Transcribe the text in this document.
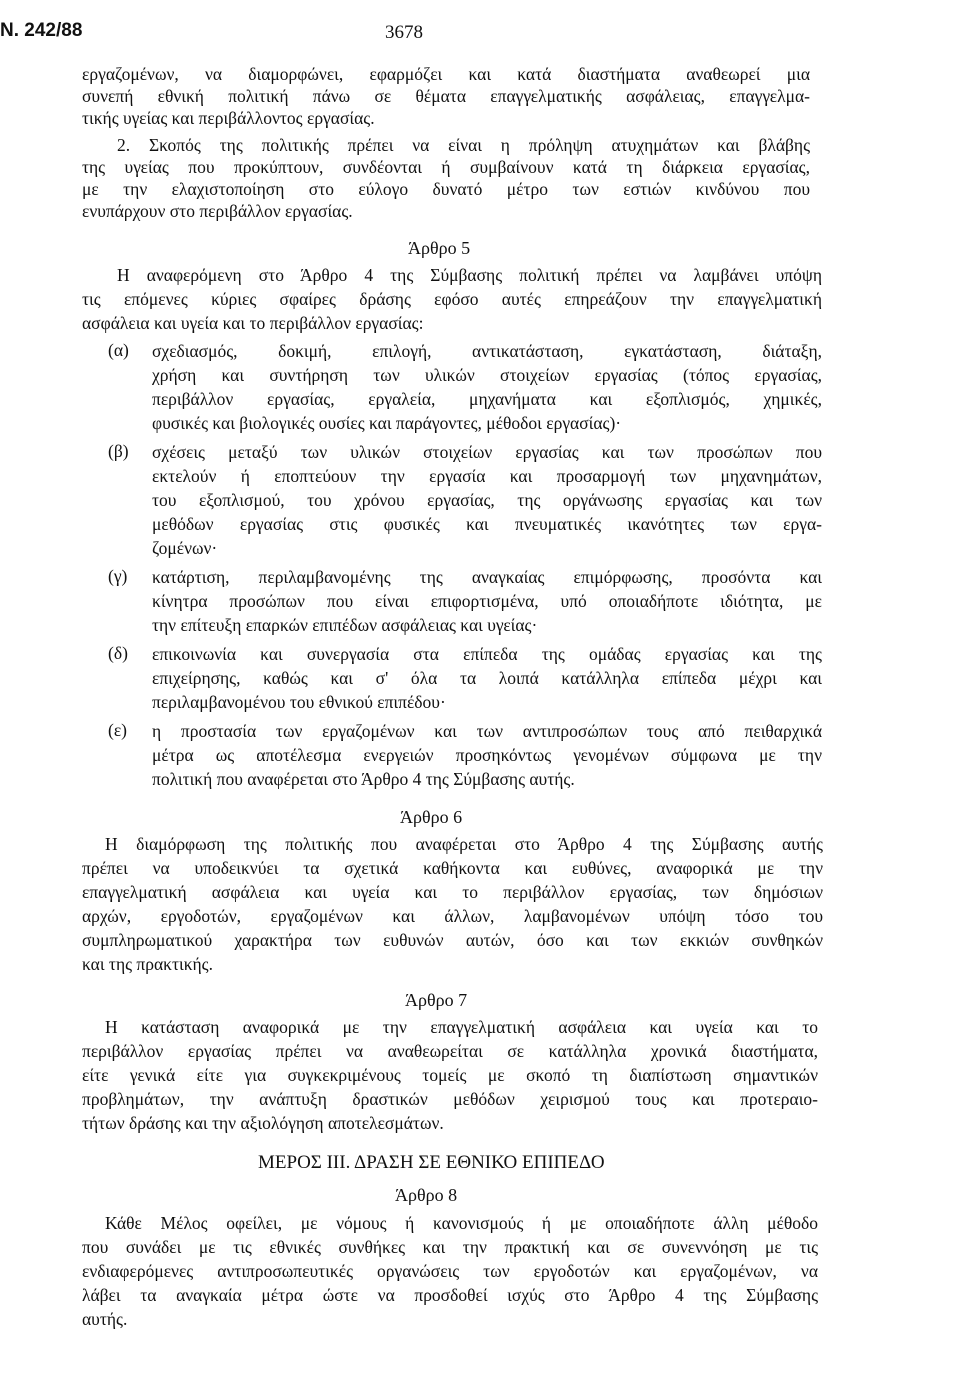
Ν. 242/88	3678
εργαζομένων, να διαμορφώνει, εφαρμόζει και κατά διαστήματα αναθεωρεί μια
συνεπή εθνική πολιτική πάνω σε θέματα επαγγελματικής ασφάλειας, επαγγελμα-
τικής υγείας και περιβάλλοντος εργασίας.
2. Σκοπός της πολιτικής πρέπει να είναι η πρόληψη ατυχημάτων και βλάβης
της υγείας που προκύπτουν, συνδέονται ή συμβαίνουν κατά τη διάρκεια εργασίας,
με την ελαχιστοποίηση στο εύλογο δυνατό μέτρο των εστιών κινδύνου που
ενυπάρχουν στο περιβάλλον εργασίας.
Άρθρο 5
Η αναφερόμενη στο Άρθρο 4 της Σύμβασης πολιτική πρέπει να λαμβάνει υπόψη
τις επόμενες κύριες σφαίρες δράσης εφόσο αυτές επηρεάζουν την επαγγελματική
ασφάλεια και υγεία και το περιβάλλον εργασίας:
(α) σχεδιασμός, δοκιμή, επιλογή, αντικατάσταση, εγκατάσταση, διάταξη,
χρήση και συντήρηση των υλικών στοιχείων εργασίας (τόπος εργασίας,
περιβάλλον εργασίας, εργαλεία, μηχανήματα και εξοπλισμός, χημικές,
φυσικές και βιολογικές ουσίες και παράγοντες, μέθοδοι εργασίας)·
(β) σχέσεις μεταξύ των υλικών στοιχείων εργασίας και των προσώπων που
εκτελούν ή εποπτεύουν την εργασία και προσαρμογή των μηχανημάτων,
του εξοπλισμού, του χρόνου εργασίας, της οργάνωσης εργασίας και των
μεθόδων εργασίας στις φυσικές και πνευματικές ικανότητες των εργα-
ζομένων·
(γ) κατάρτιση, περιλαμβανομένης της αναγκαίας επιμόρφωσης, προσόντα και
κίνητρα προσώπων που είναι επιφορτισμένα, υπό οποιαδήποτε ιδιότητα, με
την επίτευξη επαρκών επιπέδων ασφάλειας και υγείας·
(δ) επικοινωνία και συνεργασία στα επίπεδα της ομάδας εργασίας και της
επιχείρησης, καθώς και σ' όλα τα λοιπά κατάλληλα επίπεδα μέχρι και
περιλαμβανομένου του εθνικού επιπέδου·
(ε) η προστασία των εργαζομένων και των αντιπροσώπων τους από πειθαρχικά
μέτρα ως αποτέλεσμα ενεργειών προσηκόντως γενομένων σύμφωνα με την
πολιτική που αναφέρεται στο Άρθρο 4 της Σύμβασης αυτής.
Άρθρο 6
Η διαμόρφωση της πολιτικής που αναφέρεται στο Άρθρο 4 της Σύμβασης αυτής
πρέπει να υποδεικνύει τα σχετικά καθήκοντα και ευθύνες, αναφορικά με την
επαγγελματική ασφάλεια και υγεία και το περιβάλλον εργασίας, των δημόσιων
αρχών, εργοδοτών, εργαζομένων και άλλων, λαμβανομένων υπόψη τόσο του
συμπληρωματικού χαρακτήρα των ευθυνών αυτών, όσο και των εκκιών συνθηκών
και της πρακτικής.
Άρθρο 7
Η κατάσταση αναφορικά με την επαγγελματική ασφάλεια και υγεία και το
περιβάλλον εργασίας πρέπει να αναθεωρείται σε κατάλληλα χρονικά διαστήματα,
είτε γενικά είτε για συγκεκριμένους τομείς με σκοπό τη διαπίστωση σημαντικών
προβλημάτων, την ανάπτυξη δραστικών μεθόδων χειρισμού τους και προτεραιο-
τήτων δράσης και την αξιολόγηση αποτελεσμάτων.
ΜΕΡΟΣ ΙΙΙ. ΔΡΑΣΗ ΣΕ ΕΘΝΙΚΟ ΕΠΙΠΕΔΟ
Άρθρο 8
Κάθε Μέλος οφείλει, με νόμους ή κανονισμούς ή με οποιαδήποτε άλλη μέθοδο
που συνάδει με τις εθνικές συνθήκες και την πρακτική και σε συνεννόηση με τις
ενδιαφερόμενες αντιπροσωπευτικές οργανώσεις των εργοδοτών και εργαζομένων, να
λάβει τα αναγκαία μέτρα ώστε να προσδοθεί ισχύς στο Άρθρο 4 της Σύμβασης
αυτής.
